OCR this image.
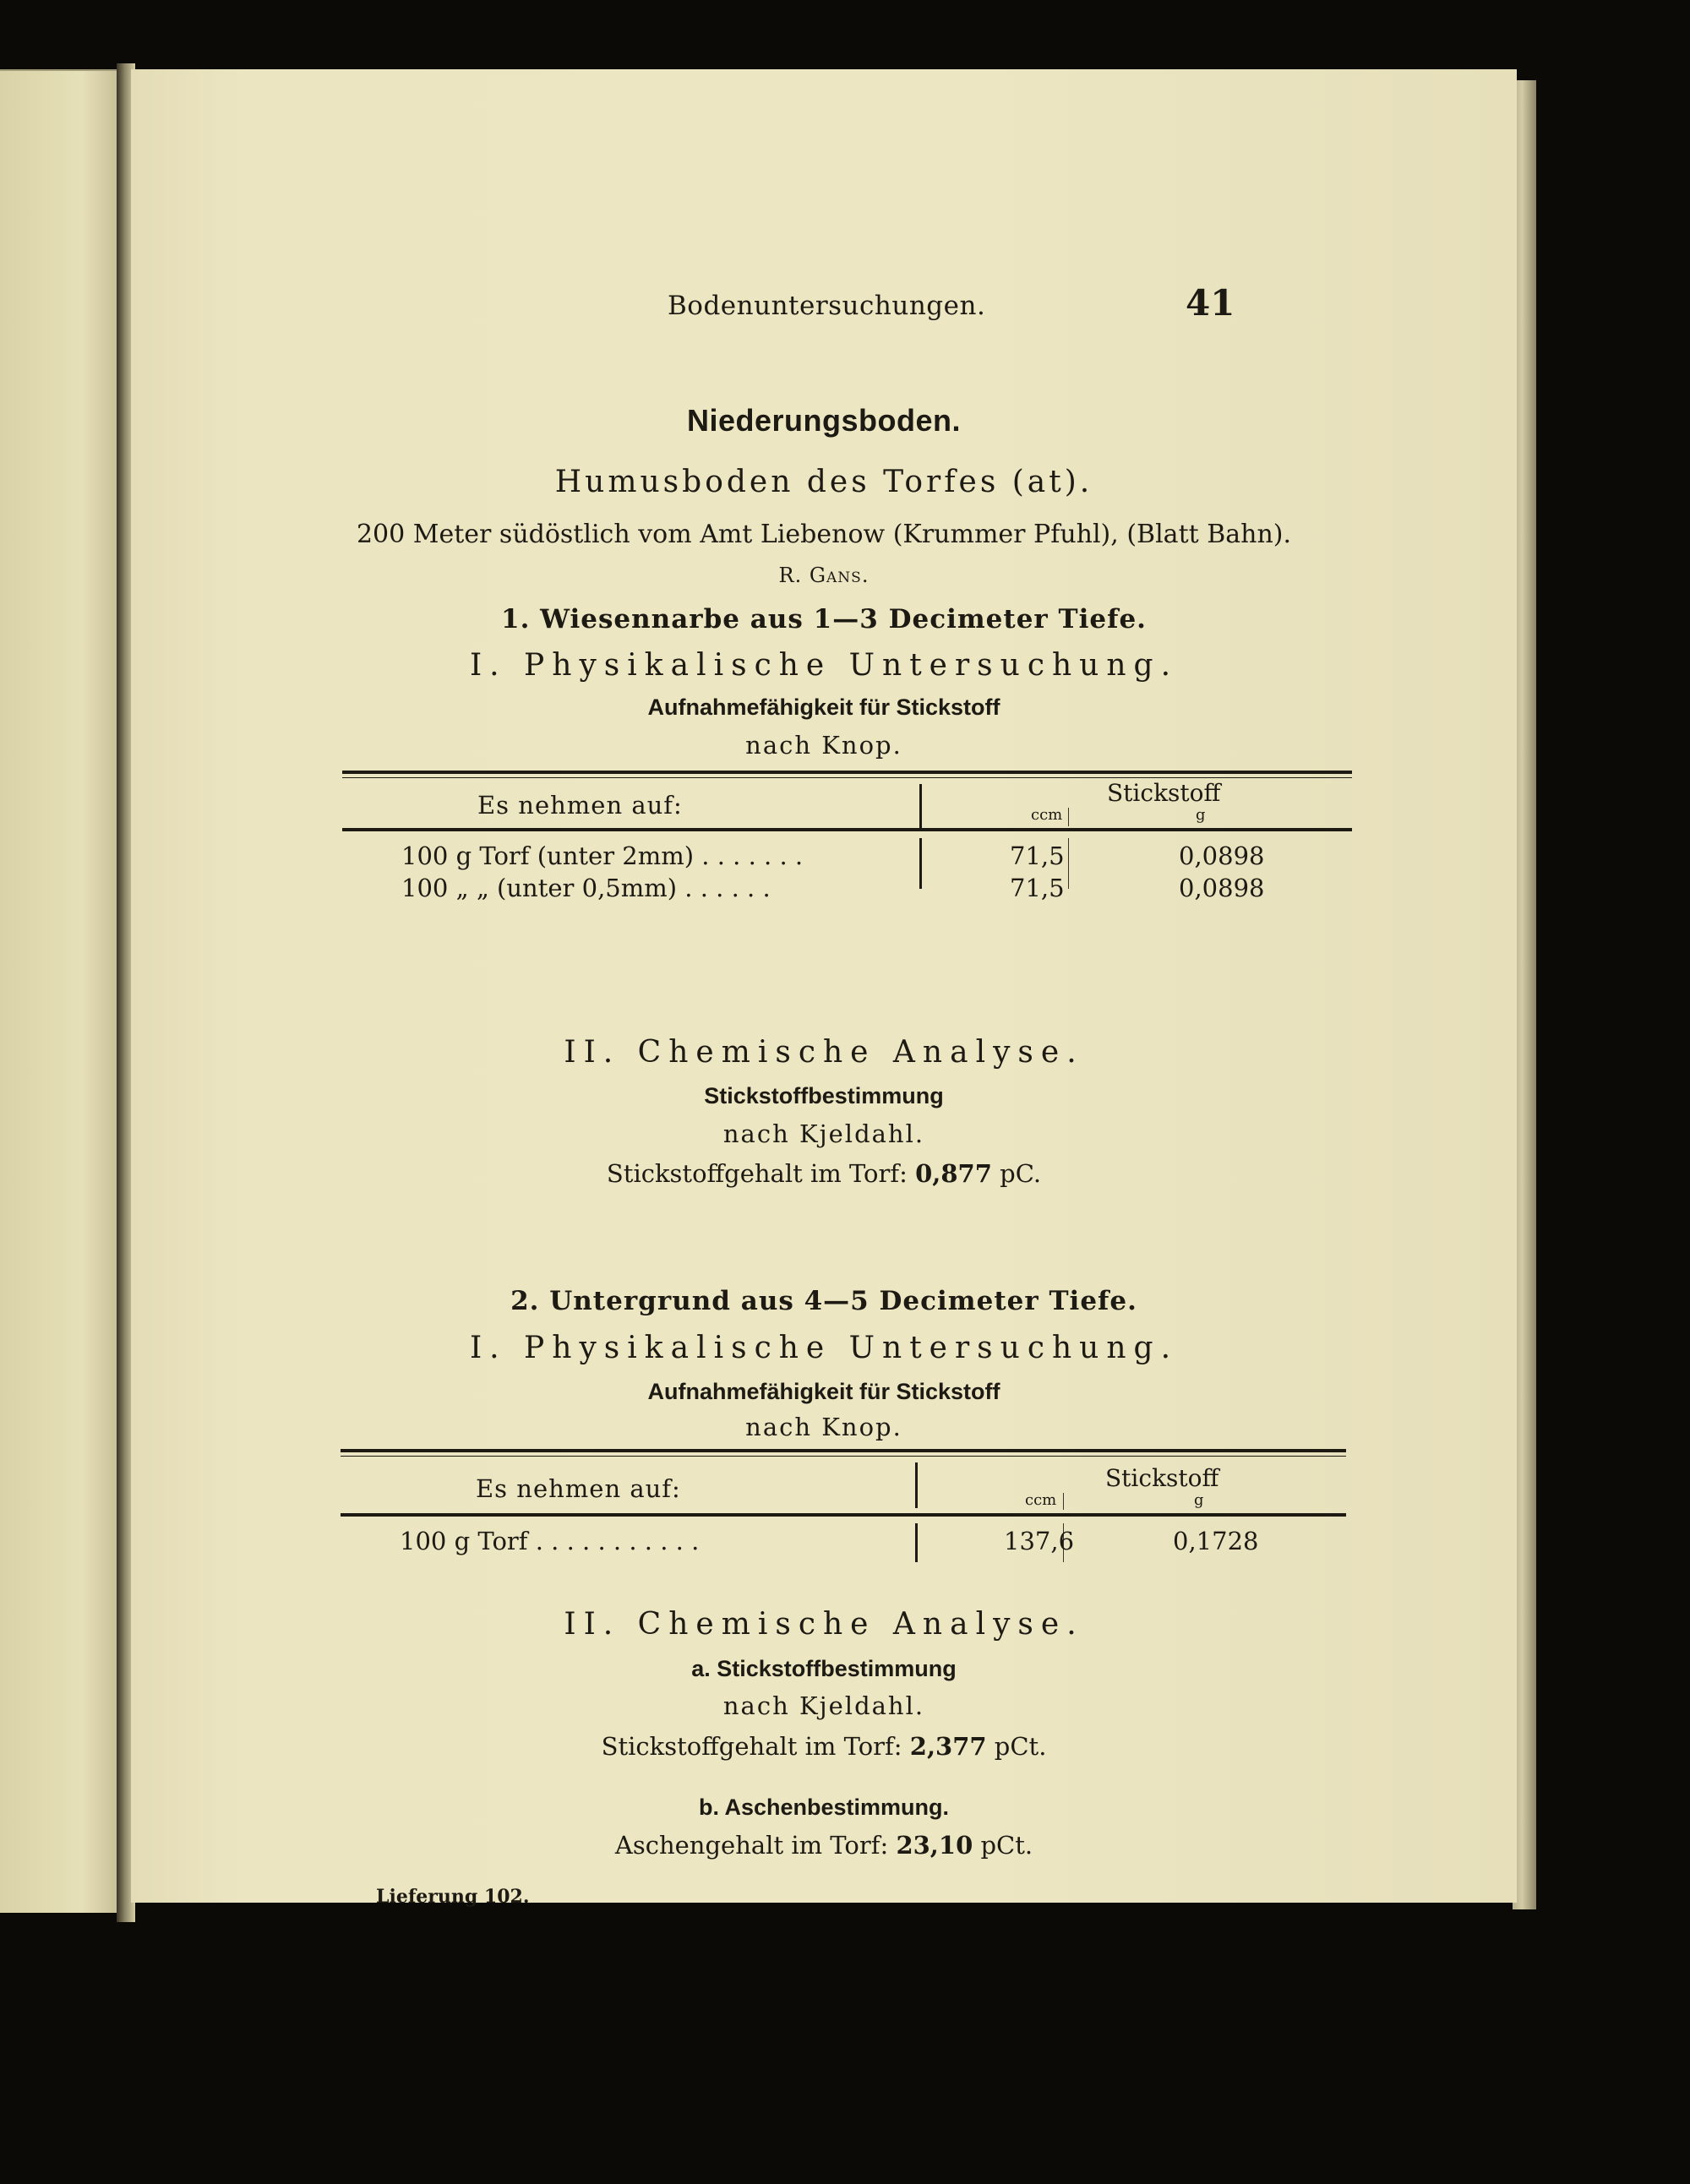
Bodenuntersuchungen.	41
Niederungsboden.
Humusboden des Torfes (at).
200 Meter südöstlich vom Amt Liebenow (Krummer Pfuhl), (Blatt Bahn).
R. Gans.
1. Wiesennarbe aus 1—3 Decimeter Tiefe.
I. Physikalische Untersuchung.
Aufnahmefähigkeit für Stickstoff
nach Knop.
Es nehmen auf:	Stickstoff
ccm	g
100 g Torf (unter 2mm) . . . . . . .	71,5	0,0898
100 „ „ (unter 0,5mm) . . . . . .	71,5	0,0898
II. Chemische Analyse.
Stickstoffbestimmung
nach Kjeldahl.
Stickstoffgehalt im Torf: 0,877 pC.
2. Untergrund aus 4—5 Decimeter Tiefe.
I. Physikalische Untersuchung.
Aufnahmefähigkeit für Stickstoff
nach Knop.
Es nehmen auf:	Stickstoff
ccm	g
100 g Torf . . . . . . . . . . .	137,6	0,1728
II. Chemische Analyse.
a. Stickstoffbestimmung
nach Kjeldahl.
Stickstoffgehalt im Torf: 2,377 pCt.
b. Aschenbestimmung.
Aschengehalt im Torf: 23,10 pCt.
Lieferung 102.
